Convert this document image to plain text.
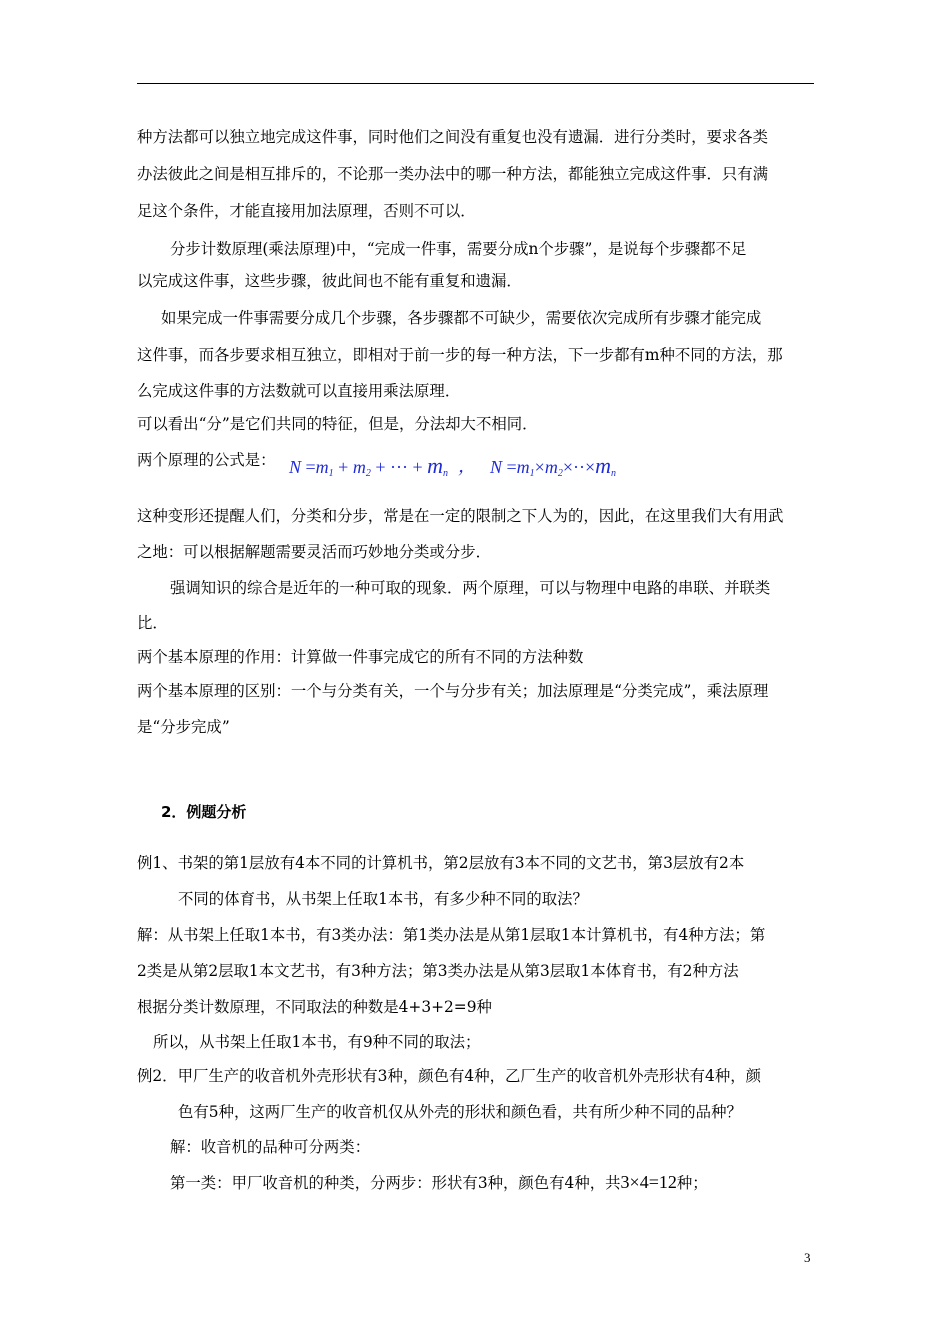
种方法都可以独立地完成这件事，同时他们之间没有重复也没有遗漏．进行分类时，要求各类
办法彼此之间是相互排斥的，不论那一类办法中的哪一种方法，都能独立完成这件事．只有满
足这个条件，才能直接用加法原理，否则不可以．
分步计数原理(乘法原理)中，“完成一件事，需要分成n个步骤”，是说每个步骤都不足
以完成这件事，这些步骤，彼此间也不能有重复和遗漏．
如果完成一件事需要分成几个步骤，各步骤都不可缺少，需要依次完成所有步骤才能完成
这件事，而各步要求相互独立，即相对于前一步的每一种方法，下一步都有m种不同的方法，那
么完成这件事的方法数就可以直接用乘法原理．
可以看出“分”是它们共同的特征，但是，分法却大不相同．
两个原理的公式是： $N =m_1 + m_2$ + ··· + $m_n$ ， $N =m_1\times m_2\times\cdot\cdot\times m_n$
这种变形还提醒人们，分类和分步，常是在一定的限制之下人为的，因此，在这里我们大有用武
之地：可以根据解题需要灵活而巧妙地分类或分步．
强调知识的综合是近年的一种可取的现象．两个原理，可以与物理中电路的串联、并联类
比．
两个基本原理的作用：计算做一件事完成它的所有不同的方法种数
两个基本原理的区别：一个与分类有关，一个与分步有关；加法原理是“分类完成”，乘法原理
是“分步完成”
2．例题分析
例1、书架的第1层放有4本不同的计算机书，第2层放有3本不同的文艺书，第3层放有2本
不同的体育书，从书架上任取1本书，有多少种不同的取法？
解：从书架上任取1本书，有3类办法：第1类办法是从第1层取1本计算机书，有4种方法；第
2类是从第2层取1本文艺书，有3种方法；第3类办法是从第3层取1本体育书，有2种方法
根据分类计数原理，不同取法的种数是4+3+2=9种
所以，从书架上任取1本书，有9种不同的取法；
例2．甲厂生产的收音机外壳形状有3种，颜色有4种，乙厂生产的收音机外壳形状有4种，颜
色有5种，这两厂生产的收音机仅从外壳的形状和颜色看，共有所少种不同的品种？
解：收音机的品种可分两类：
第一类：甲厂收音机的种类，分两步：形状有3种，颜色有4种，共3×4=12种；
3
